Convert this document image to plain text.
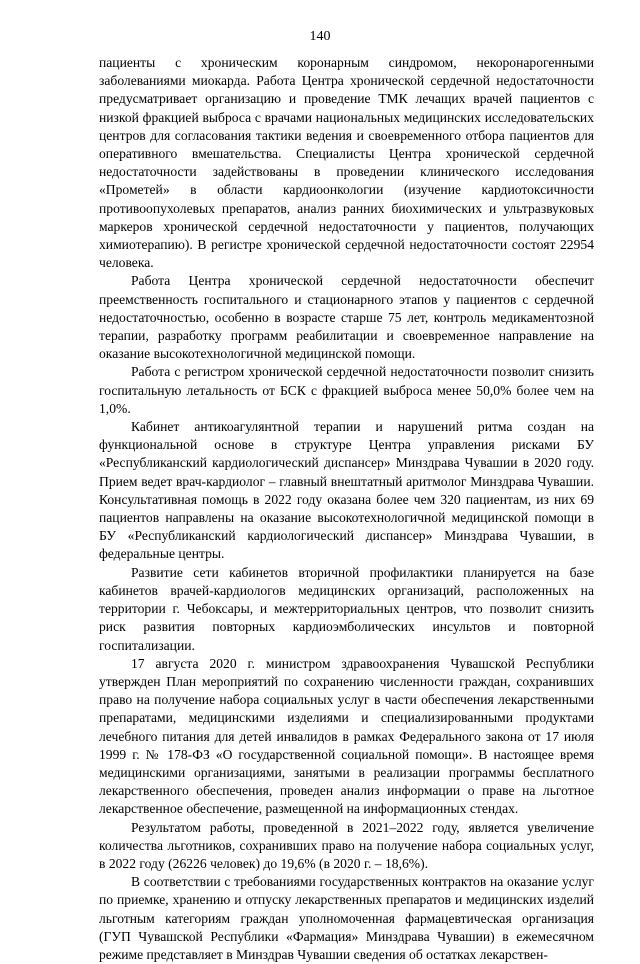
140

пациенты с хроническим коронарным синдромом, некоронарогенными заболеваниями миокарда. Работа Центра хронической сердечной недостаточности предусматривает организацию и проведение ТМК лечащих врачей пациентов с низкой фракцией выброса с врачами национальных медицинских исследовательских центров для согласования тактики ведения и своевременного отбора пациентов для оперативного вмешательства. Специалисты Центра хронической сердечной недостаточности задействованы в проведении клинического исследования «Прометей» в области кардиоонкологии (изучение кардиотоксичности противоопухолевых препаратов, анализ ранних биохимических и ультразвуковых маркеров хронической сердечной недостаточности у пациентов, получающих химиотерапию). В регистре хронической сердечной недостаточности состоят 22954 человека.

Работа Центра хронической сердечной недостаточности обеспечит преемственность госпитального и стационарного этапов у пациентов с сердечной недостаточностью, особенно в возрасте старше 75 лет, контроль медикаментозной терапии, разработку программ реабилитации и своевременное направление на оказание высокотехнологичной медицинской помощи.

Работа с регистром хронической сердечной недостаточности позволит снизить госпитальную летальность от БСК с фракцией выброса менее 50,0% более чем на 1,0%.

Кабинет антикоагулянтной терапии и нарушений ритма создан на функциональной основе в структуре Центра управления рисками БУ «Республиканский кардиологический диспансер» Минздрава Чувашии в 2020 году. Прием ведет врач-кардиолог – главный внештатный аритмолог Минздрава Чувашии. Консультативная помощь в 2022 году оказана более чем 320 пациентам, из них 69 пациентов направлены на оказание высокотехнологичной медицинской помощи в БУ «Республиканский кардиологический диспансер» Минздрава Чувашии, в федеральные центры.

Развитие сети кабинетов вторичной профилактики планируется на базе кабинетов врачей-кардиологов медицинских организаций, расположенных на территории г. Чебоксары, и межтерриториальных центров, что позволит снизить риск развития повторных кардиоэмболических инсультов и повторной госпитализации.

17 августа 2020 г. министром здравоохранения Чувашской Республики утвержден План мероприятий по сохранению численности граждан, сохранивших право на получение набора социальных услуг в части обеспечения лекарственными препаратами, медицинскими изделиями и специализированными продуктами лечебного питания для детей инвалидов в рамках Федерального закона от 17 июля 1999 г. № 178-ФЗ «О государственной социальной помощи». В настоящее время медицинскими организациями, занятыми в реализации программы бесплатного лекарственного обеспечения, проведен анализ информации о праве на льготное лекарственное обеспечение, размещенной на информационных стендах.

Результатом работы, проведенной в 2021–2022 году, является увеличение количества льготников, сохранивших право на получение набора социальных услуг, в 2022 году (26226 человек) до 19,6% (в 2020 г. – 18,6%).

В соответствии с требованиями государственных контрактов на оказание услуг по приемке, хранению и отпуску лекарственных препаратов и медицинских изделий льготным категориям граждан уполномоченная фармацевтическая организация (ГУП Чувашской Республики «Фармация» Минздрава Чувашии) в ежемесячном режиме представляет в Минздрав Чувашии сведения об остатках лекарствен-
